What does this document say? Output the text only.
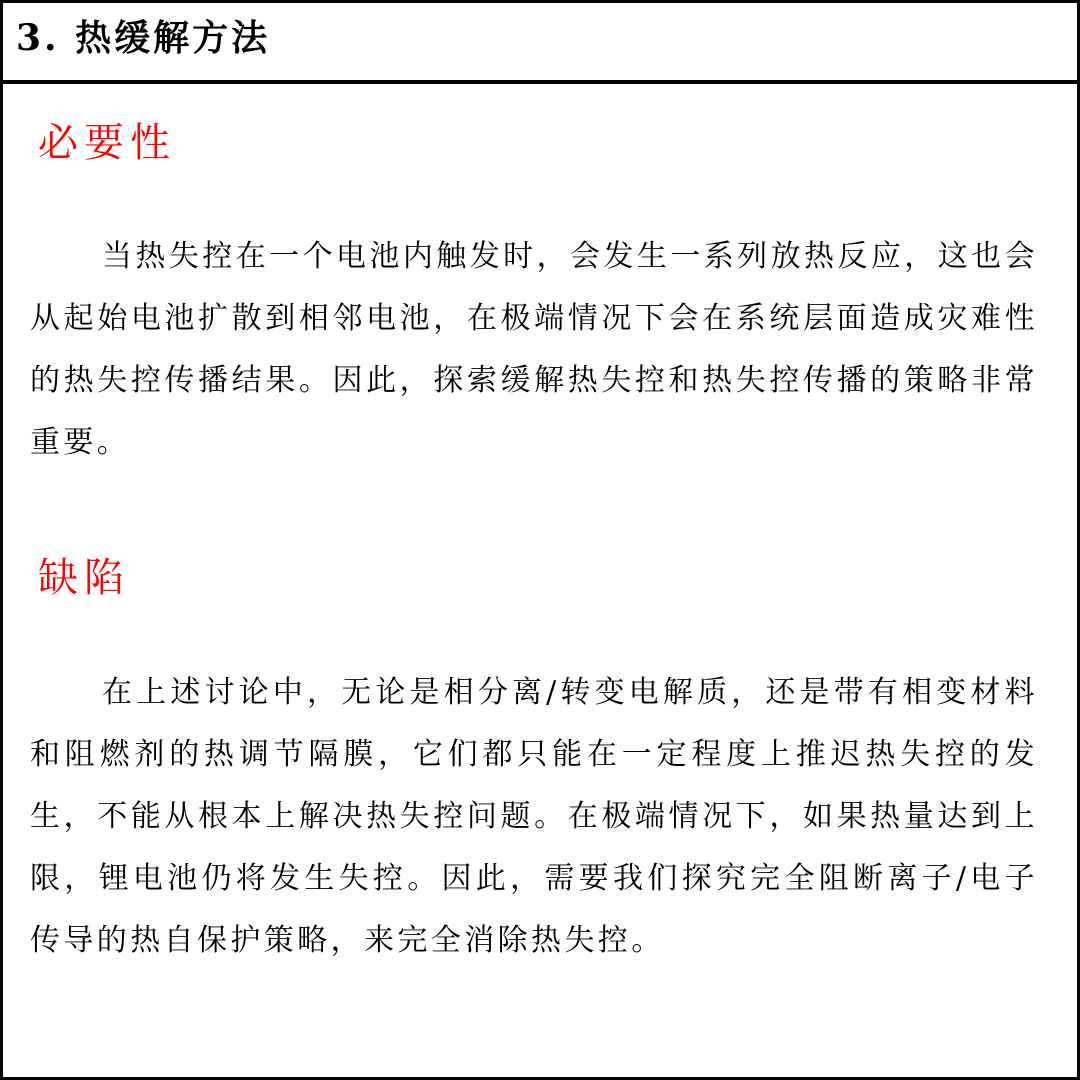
3. 热缓解方法
必要性

当热失控在一个电池内触发时，会发生一系列放热反应，这也会从起始电池扩散到相邻电池，在极端情况下会在系统层面造成灾难性的热失控传播结果。因此，探索缓解热失控和热失控传播的策略非常重要。

缺陷

在上述讨论中，无论是相分离/转变电解质，还是带有相变材料和阻燃剂的热调节隔膜，它们都只能在一定程度上推迟热失控的发生，不能从根本上解决热失控问题。在极端情况下，如果热量达到上限，锂电池仍将发生失控。因此，需要我们探究完全阻断离子/电子传导的热自保护策略，来完全消除热失控。
